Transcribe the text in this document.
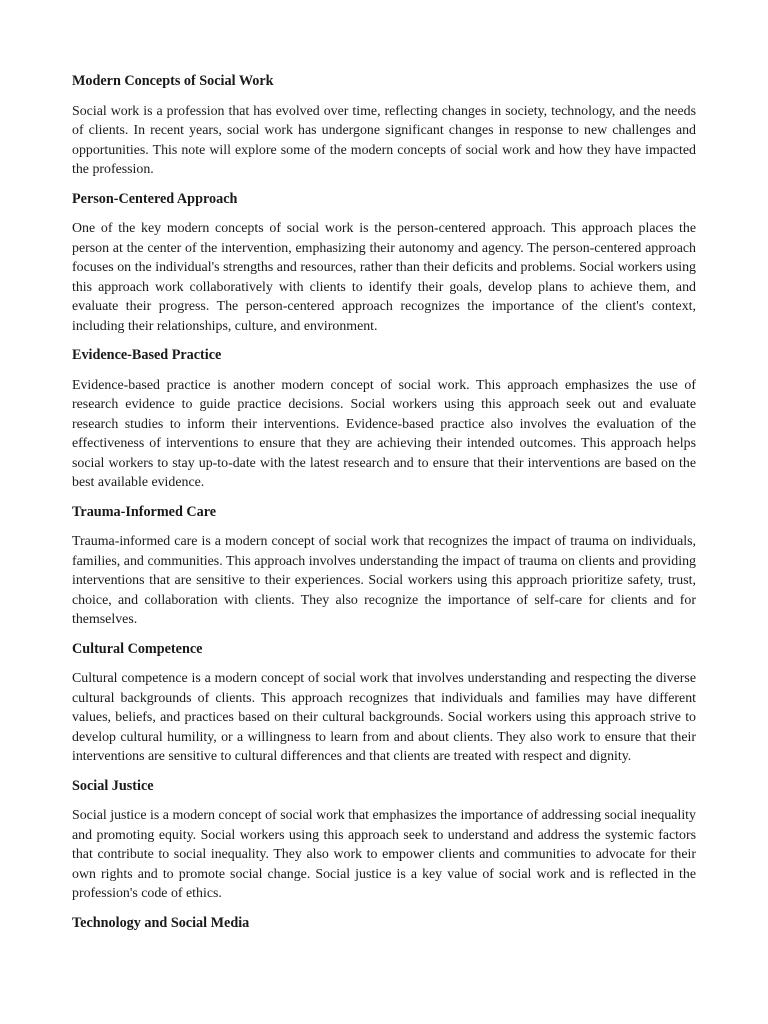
Modern Concepts of Social Work

Social work is a profession that has evolved over time, reflecting changes in society, technology, and the needs of clients. In recent years, social work has undergone significant changes in response to new challenges and opportunities. This note will explore some of the modern concepts of social work and how they have impacted the profession.

Person-Centered Approach

One of the key modern concepts of social work is the person-centered approach. This approach places the person at the center of the intervention, emphasizing their autonomy and agency. The person-centered approach focuses on the individual's strengths and resources, rather than their deficits and problems. Social workers using this approach work collaboratively with clients to identify their goals, develop plans to achieve them, and evaluate their progress. The person-centered approach recognizes the importance of the client's context, including their relationships, culture, and environment.

Evidence-Based Practice

Evidence-based practice is another modern concept of social work. This approach emphasizes the use of research evidence to guide practice decisions. Social workers using this approach seek out and evaluate research studies to inform their interventions. Evidence-based practice also involves the evaluation of the effectiveness of interventions to ensure that they are achieving their intended outcomes. This approach helps social workers to stay up-to-date with the latest research and to ensure that their interventions are based on the best available evidence.

Trauma-Informed Care

Trauma-informed care is a modern concept of social work that recognizes the impact of trauma on individuals, families, and communities. This approach involves understanding the impact of trauma on clients and providing interventions that are sensitive to their experiences. Social workers using this approach prioritize safety, trust, choice, and collaboration with clients. They also recognize the importance of self-care for clients and for themselves.

Cultural Competence

Cultural competence is a modern concept of social work that involves understanding and respecting the diverse cultural backgrounds of clients. This approach recognizes that individuals and families may have different values, beliefs, and practices based on their cultural backgrounds. Social workers using this approach strive to develop cultural humility, or a willingness to learn from and about clients. They also work to ensure that their interventions are sensitive to cultural differences and that clients are treated with respect and dignity.

Social Justice

Social justice is a modern concept of social work that emphasizes the importance of addressing social inequality and promoting equity. Social workers using this approach seek to understand and address the systemic factors that contribute to social inequality. They also work to empower clients and communities to advocate for their own rights and to promote social change. Social justice is a key value of social work and is reflected in the profession's code of ethics.

Technology and Social Media
